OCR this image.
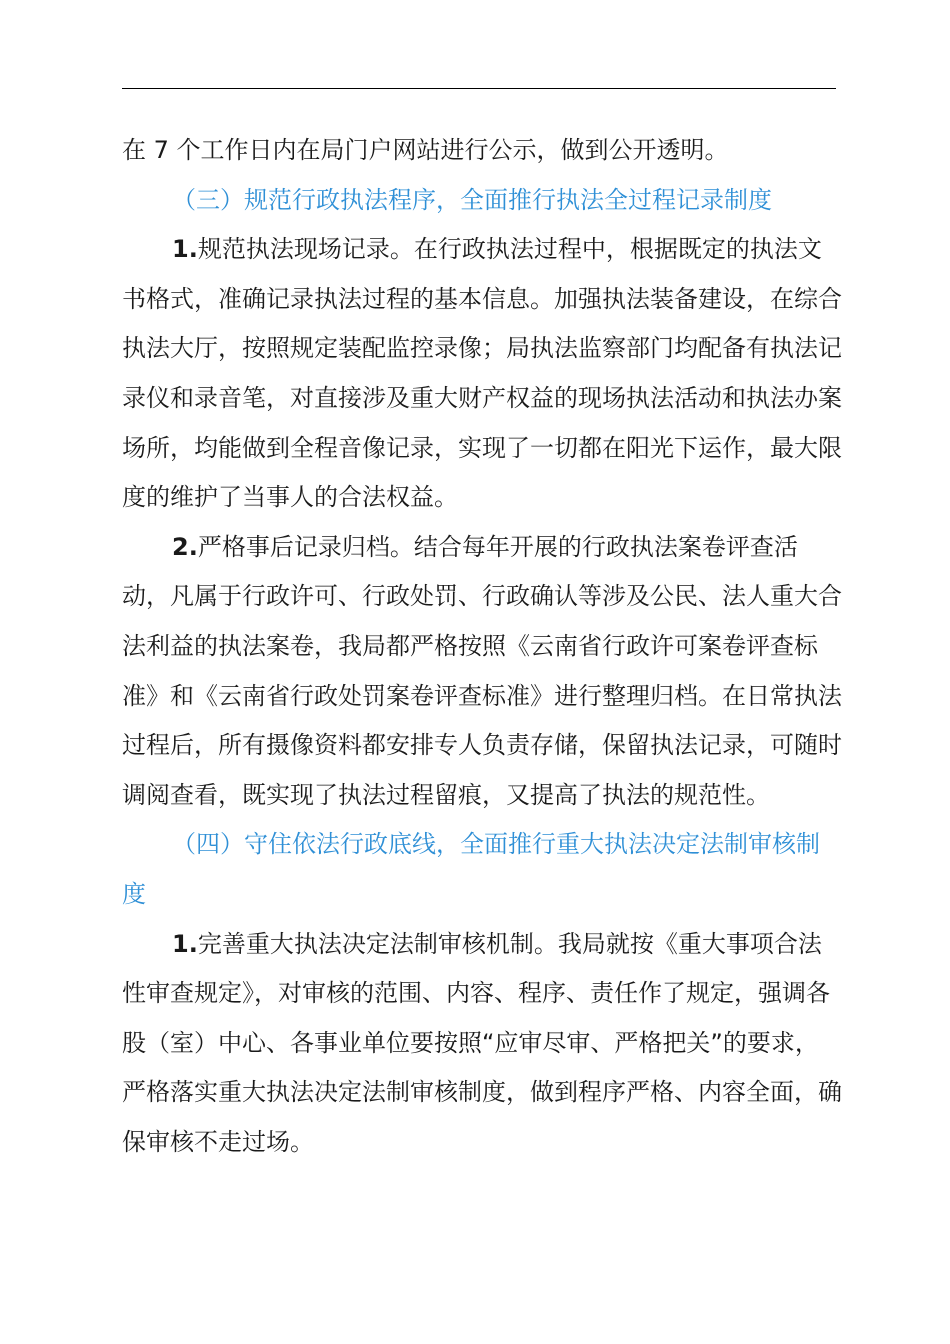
在 7 个工作日内在局门户网站进行公示，做到公开透明。

（三）规范行政执法程序，全面推行执法全过程记录制度

1.规范执法现场记录。在行政执法过程中，根据既定的执法文书格式，准确记录执法过程的基本信息。加强执法装备建设，在综合执法大厅，按照规定装配监控录像；局执法监察部门均配备有执法记录仪和录音笔，对直接涉及重大财产权益的现场执法活动和执法办案场所，均能做到全程音像记录，实现了一切都在阳光下运作，最大限度的维护了当事人的合法权益。

2.严格事后记录归档。结合每年开展的行政执法案卷评查活动，凡属于行政许可、行政处罚、行政确认等涉及公民、法人重大合法利益的执法案卷，我局都严格按照《云南省行政许可案卷评查标准》和《云南省行政处罚案卷评查标准》进行整理归档。在日常执法过程后，所有摄像资料都安排专人负责存储，保留执法记录，可随时调阅查看，既实现了执法过程留痕，又提高了执法的规范性。

（四）守住依法行政底线，全面推行重大执法决定法制审核制度

1.完善重大执法决定法制审核机制。我局就按《重大事项合法性审查规定》，对审核的范围、内容、程序、责任作了规定，强调各股（室）中心、各事业单位要按照“应审尽审、严格把关”的要求，严格落实重大执法决定法制审核制度，做到程序严格、内容全面，确保审核不走过场。
